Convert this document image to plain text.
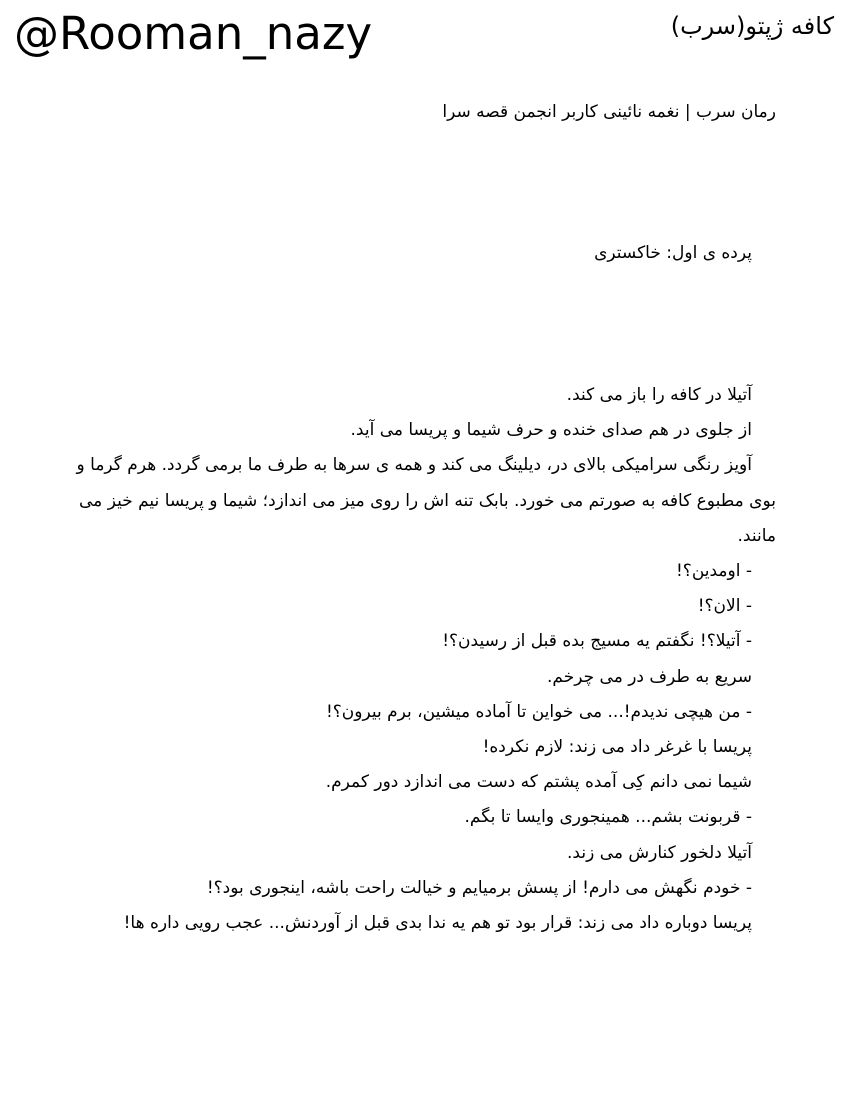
@Rooman_nazy	کافه ژپتو(سرب)
رمان سرب | نغمه نائینی کاربر انجمن قصه سرا
پرده ی اول: خاکستری

آتیلا در کافه را باز می کند.

از جلوی در هم صدای خنده و حرف شیما و پریسا می آید.

آویز رنگی سرامیکی بالای در، دیلینگ می کند و همه ی سرها به طرف ما برمی گردد. هرم گرما و بوی مطبوع کافه به صورتم می خورد. بابک تنه اش را روی میز می اندازد؛ شیما و پریسا نیم خیز می مانند.

- اومدین؟!

- الان؟!

- آتیلا؟! نگفتم یه مسیج بده قبل از رسیدن؟!

سریع به طرف در می چرخم.

- من هیچی ندیدم!... می خواین تا آماده میشین، برم بیرون؟!

پریسا با غرغر داد می زند: لازم نکرده!

شیما نمی دانم کِی آمده پشتم که دست می اندازد دور کمرم.

- قربونت بشم... همینجوری وایسا تا بگم.

آتیلا دلخور کنارش می زند.

- خودم نگهش می دارم! از پسش برمیایم و خیالت راحت باشه، اینجوری بود؟!

پریسا دوباره داد می زند: قرار بود تو هم یه ندا بدی قبل از آوردنش... عجب رویی داره ها!
